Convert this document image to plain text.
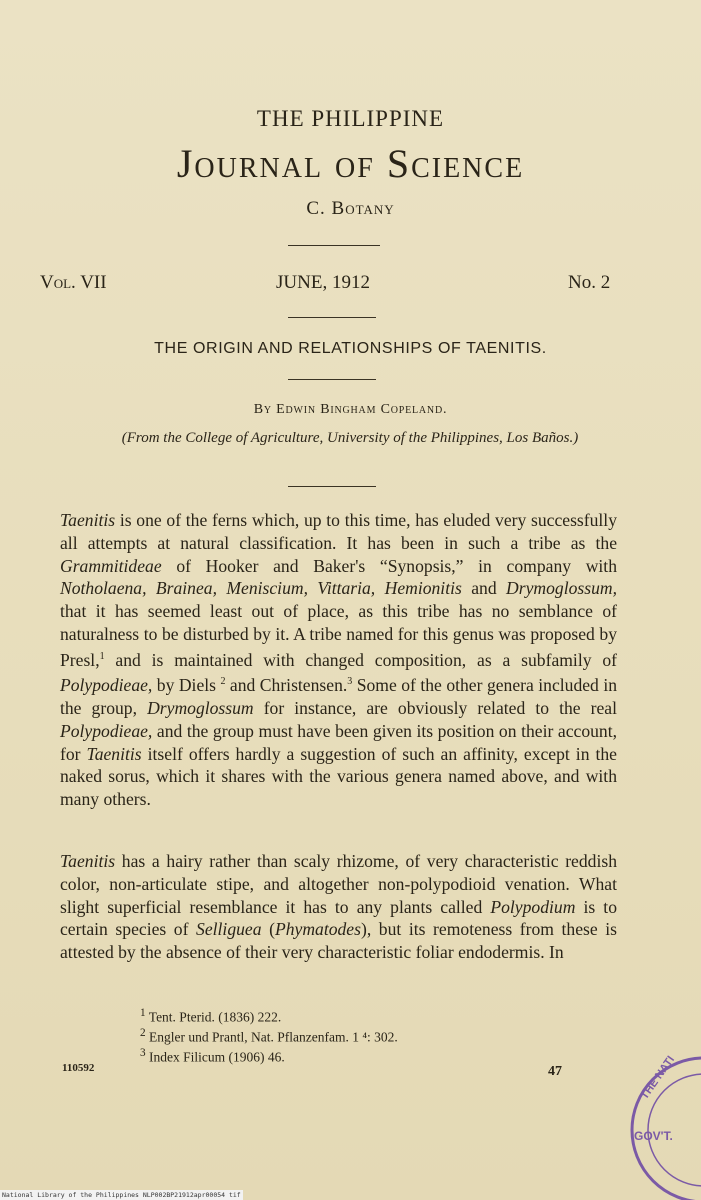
THE PHILIPPINE
Journal of Science
C. Botany
Vol. VII	JUNE, 1912	No. 2
THE ORIGIN AND RELATIONSHIPS OF TAENITIS.
By Edwin Bingham Copeland.
(From the College of Agriculture, University of the Philippines, Los Baños.)
Taenitis is one of the ferns which, up to this time, has eluded very successfully all attempts at natural classification. It has been in such a tribe as the Grammitideae of Hooker and Baker's “Synopsis,” in company with Notholaena, Brainea, Meniscium, Vittaria, Hemionitis and Drymoglossum, that it has seemed least out of place, as this tribe has no semblance of naturalness to be disturbed by it. A tribe named for this genus was proposed by Presl,$^1$ and is maintained with changed composition, as a subfamily of Polypodieae, by Diels $^2$ and Christensen.$^3$ Some of the other genera included in the group, Drymoglossum for instance, are obviously related to the real Polypodieae, and the group must have been given its position on their account, for Taenitis itself offers hardly a suggestion of such an affinity, except in the naked sorus, which it shares with the various genera named above, and with many others.
Taenitis has a hairy rather than scaly rhizome, of very characteristic reddish color, non-articulate stipe, and altogether non-polypodioid venation. What slight superficial resemblance it has to any plants called Polypodium is to certain species of Selliguea (Phymatodes), but its remoteness from these is attested by the absence of their very characteristic foliar endodermis. In
$^1$ Tent. Pterid. (1836) 222.
$^2$ Engler und Prantl, Nat. Pflanzenfam. 1 ⁴: 302.
$^3$ Index Filicum (1906) 46.
110592	47	THE NATI
GOV'T.
National Library of the Philippines NLP002BP21912apr00054 tif
